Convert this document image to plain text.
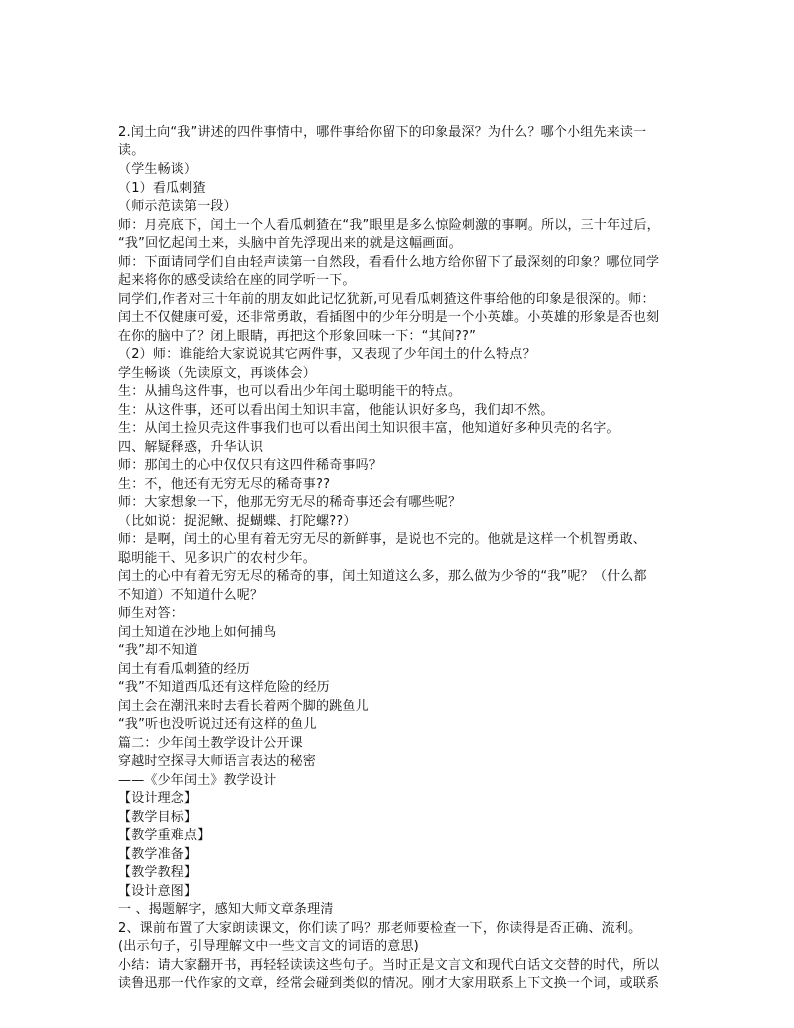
2.闰土向“我”讲述的四件事情中，哪件事给你留下的印象最深？为什么？哪个小组先来读一
读。
（学生畅谈）
（1）看瓜刺猹
（师示范读第一段）
师：月亮底下，闰土一个人看瓜刺猹在“我”眼里是多么惊险刺激的事啊。所以，三十年过后，
“我”回忆起闰土来，头脑中首先浮现出来的就是这幅画面。
师：下面请同学们自由轻声读第一自然段，看看什么地方给你留下了最深刻的印象？哪位同学
起来将你的感受读给在座的同学听一下。
同学们,作者对三十年前的朋友如此记忆犹新,可见看瓜刺猹这件事给他的印象是很深的。师：
闰土不仅健康可爱，还非常勇敢，看插图中的少年分明是一个小英雄。小英雄的形象是否也刻
在你的脑中了？闭上眼睛，再把这个形象回味一下：“其间??”
（2）师：谁能给大家说说其它两件事，又表现了少年闰土的什么特点？
学生畅谈（先读原文，再谈体会）
生：从捕鸟这件事，也可以看出少年闰土聪明能干的特点。
生：从这件事，还可以看出闰土知识丰富，他能认识好多鸟，我们却不然。
生：从闰土捡贝壳这件事我们也可以看出闰土知识很丰富，他知道好多种贝壳的名字。
四、解疑释惑，升华认识
师：那闰土的心中仅仅只有这四件稀奇事吗？
生：不，他还有无穷无尽的稀奇事??
师：大家想象一下，他那无穷无尽的稀奇事还会有哪些呢？
（比如说：捉泥鳅、捉蝴蝶、打陀螺??）
师：是啊，闰土的心里有着无穷无尽的新鲜事，是说也不完的。他就是这样一个机智勇敢、
聪明能干、见多识广的农村少年。
闰土的心中有着无穷无尽的稀奇的事，闰土知道这么多，那么做为少爷的“我”呢？（什么都
不知道）不知道什么呢？
师生对答：
闰土知道在沙地上如何捕鸟
“我”却不知道
闰土有看瓜刺猹的经历
“我”不知道西瓜还有这样危险的经历
闰土会在潮汛来时去看长着两个脚的跳鱼儿
“我”听也没听说过还有这样的鱼儿
篇二：少年闰土教学设计公开课
穿越时空探寻大师语言表达的秘密
——《少年闰土》教学设计
【设计理念】
【教学目标】
【教学重难点】
【教学准备】
【教学教程】
【设计意图】
一 、揭题解字，感知大师文章条理清
2、课前布置了大家朗读课文，你们读了吗？那老师要检查一下，你读得是否正确、流利。
(出示句子，引导理解文中一些文言文的词语的意思)
小结：请大家翻开书，再轻轻读读这些句子。当时正是文言文和现代白话文交替的时代，所以
读鲁迅那一代作家的文章，经常会碰到类似的情况。刚才大家用联系上下文换一个词，或联系
